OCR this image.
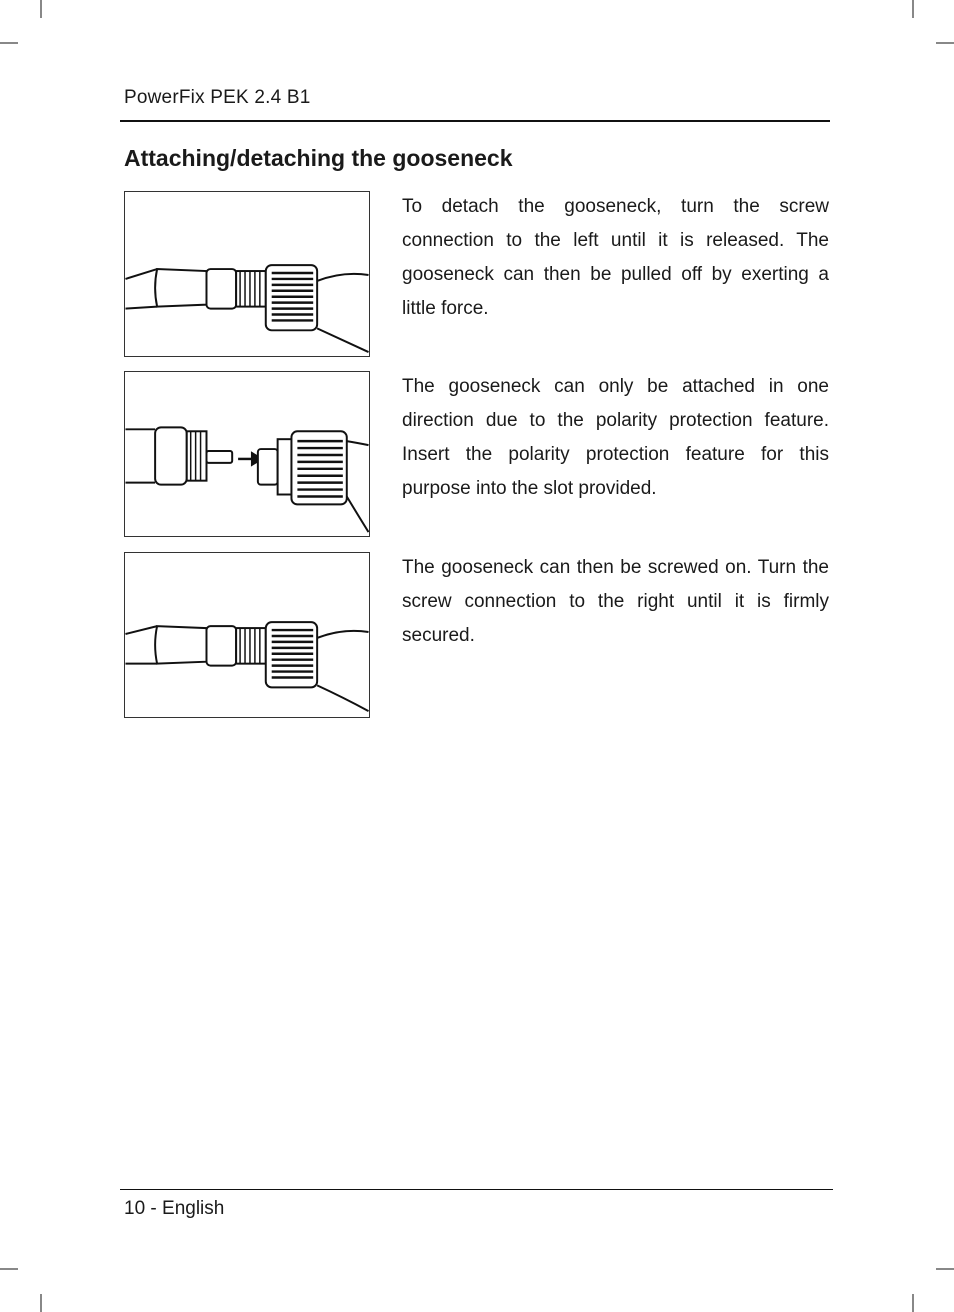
PowerFix PEK 2.4 B1
Attaching/detaching the gooseneck

To detach the gooseneck, turn the screw connection to the left until it is released. The gooseneck can then be pulled off by exerting a little force.

The gooseneck can only be attached in one direction due to the polarity protection feature. Insert the polarity protection feature for this purpose into the slot provided.

The gooseneck can then be screwed on. Turn the screw connection to the right until it is firmly secured.

10 - English
